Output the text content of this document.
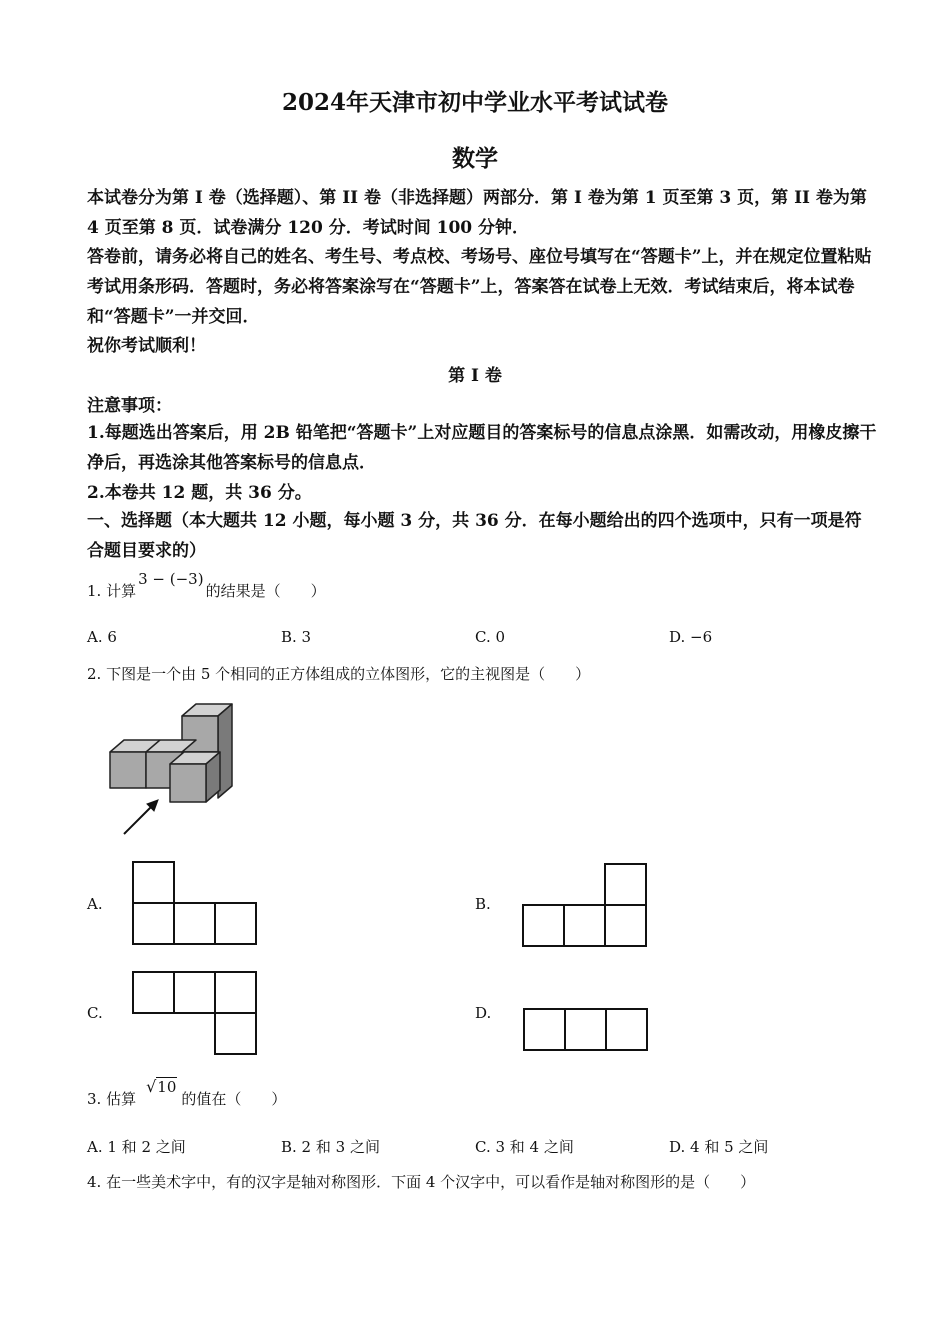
2024年天津市初中学业水平考试试卷
数学
本试卷分为第 I 卷（选择题）、第 II 卷（非选择题）两部分．第 I 卷为第 1 页至第 3 页，第 II 卷为第 4 页至第 8 页．试卷满分 120 分．考试时间 100 分钟．
答卷前，请务必将自己的姓名、考生号、考点校、考场号、座位号填写在“答题卡”上，并在规定位置粘贴考试用条形码．答题时，务必将答案涂写在“答题卡”上，答案答在试卷上无效．考试结束后，将本试卷和“答题卡”一并交回．
祝你考试顺利！
第 I 卷
注意事项：
1.每题选出答案后，用 2B 铅笔把“答题卡”上对应题目的答案标号的信息点涂黑．如需改动，用橡皮擦干净后，再选涂其他答案标号的信息点．
2.本卷共 12 题，共 36 分。
一、选择题（本大题共 12 小题，每小题 3 分，共 36 分．在每小题给出的四个选项中，只有一项是符合题目要求的）
1. 计算3 − (−3)的结果是（　　）
A. 6	B. 3	C. 0	D. −6
2. 下图是一个由 5 个相同的正方体组成的立体图形，它的主视图是（　　）
A.	B.
C.	D.
3. 估算√10的值在（　　）
A. 1 和 2 之间	B. 2 和 3 之间	C. 3 和 4 之间	D. 4 和 5 之间
4. 在一些美术字中，有的汉字是轴对称图形．下面 4 个汉字中，可以看作是轴对称图形的是（　　）
